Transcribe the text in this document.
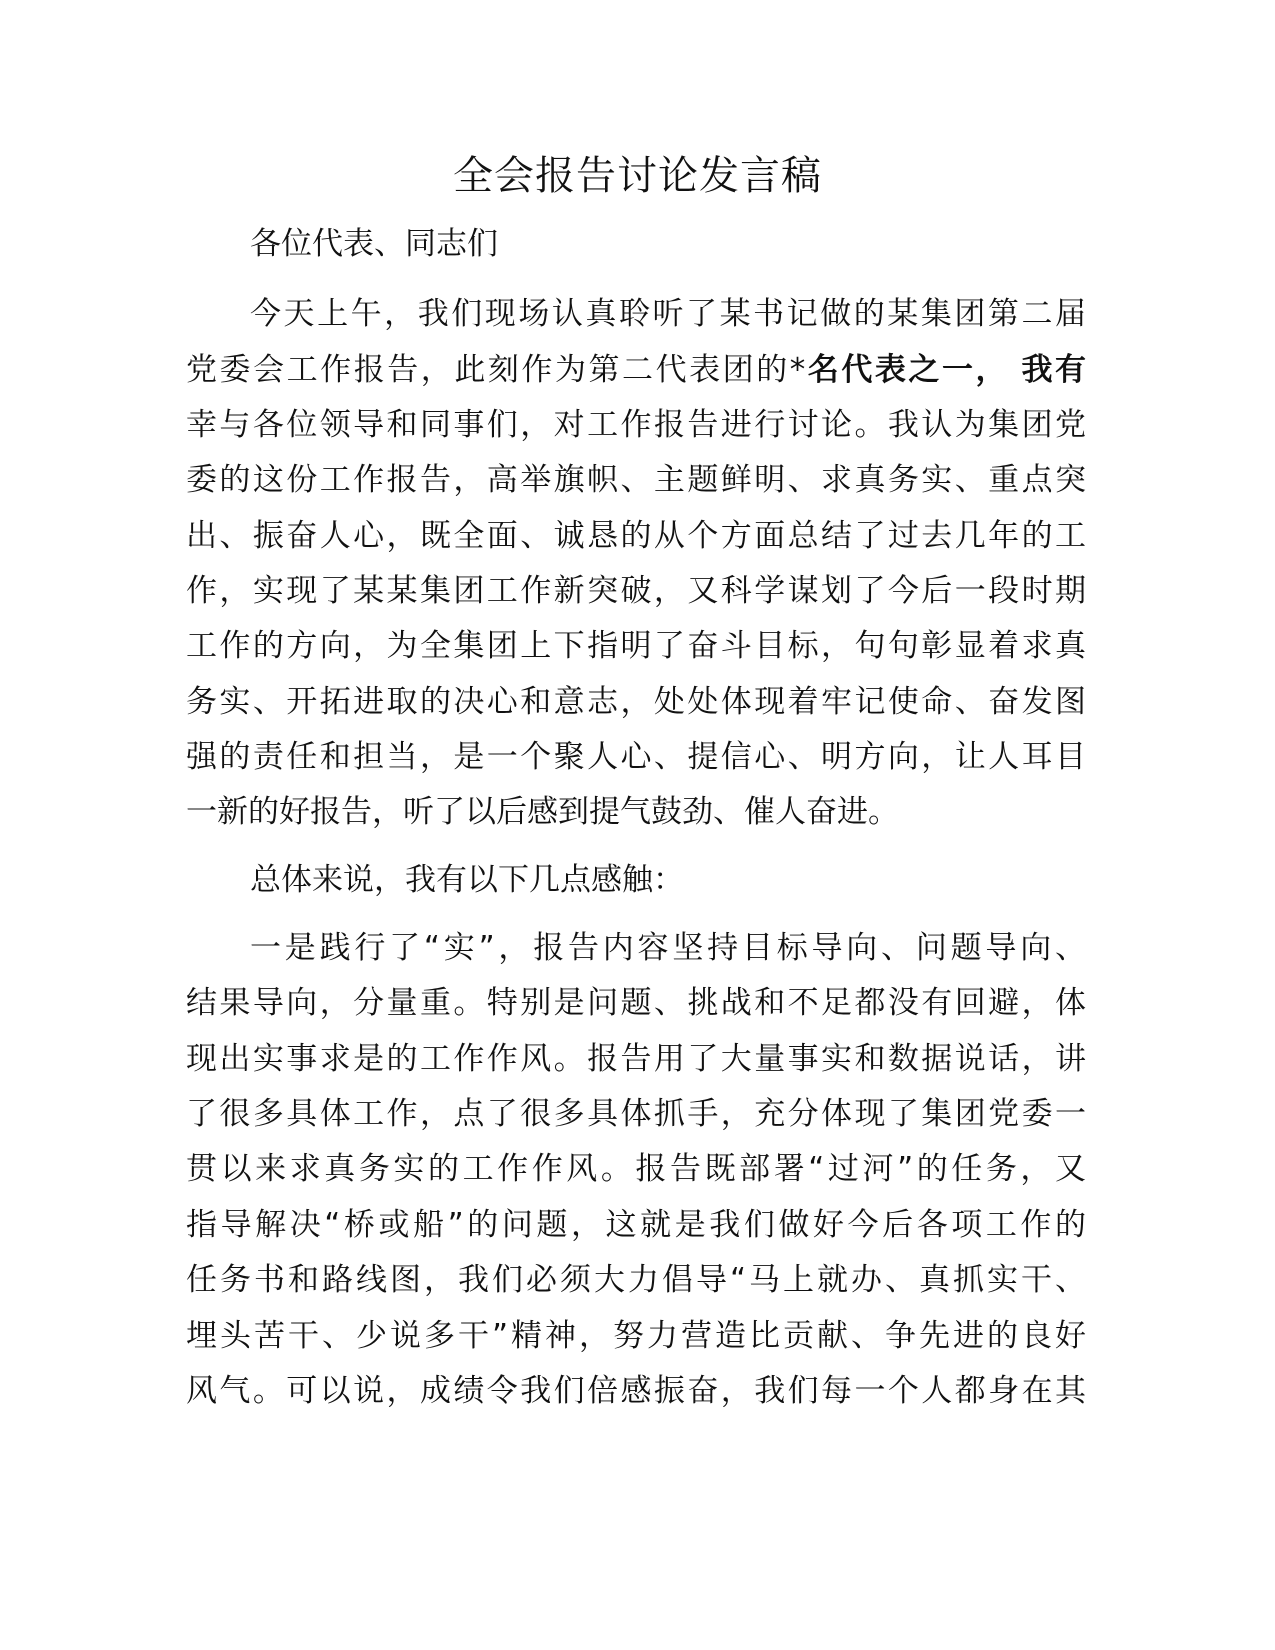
全会报告讨论发言稿
各位代表、同志们
今天上午，我们现场认真聆听了某书记做的某集团第二届
党委会工作报告，此刻作为第二代表团的*名代表之一， 我有
幸与各位领导和同事们，对工作报告进行讨论。我认为集团党
委的这份工作报告，高举旗帜、主题鲜明、求真务实、重点突
出、振奋人心，既全面、诚恳的从个方面总结了过去几年的工
作，实现了某某集团工作新突破，又科学谋划了今后一段时期
工作的方向，为全集团上下指明了奋斗目标，句句彰显着求真
务实、开拓进取的决心和意志，处处体现着牢记使命、奋发图
强的责任和担当，是一个聚人心、提信心、明方向，让人耳目
一新的好报告，听了以后感到提气鼓劲、催人奋进。
总体来说，我有以下几点感触：
一是践行了“实”，报告内容坚持目标导向、问题导向、
结果导向，分量重。特别是问题、挑战和不足都没有回避，体
现出实事求是的工作作风。报告用了大量事实和数据说话，讲
了很多具体工作，点了很多具体抓手，充分体现了集团党委一
贯以来求真务实的工作作风。报告既部署“过河”的任务，又
指导解决“桥或船”的问题，这就是我们做好今后各项工作的
任务书和路线图，我们必须大力倡导“马上就办、真抓实干、
埋头苦干、少说多干”精神，努力营造比贡献、争先进的良好
风气。可以说，成绩令我们倍感振奋，我们每一个人都身在其
